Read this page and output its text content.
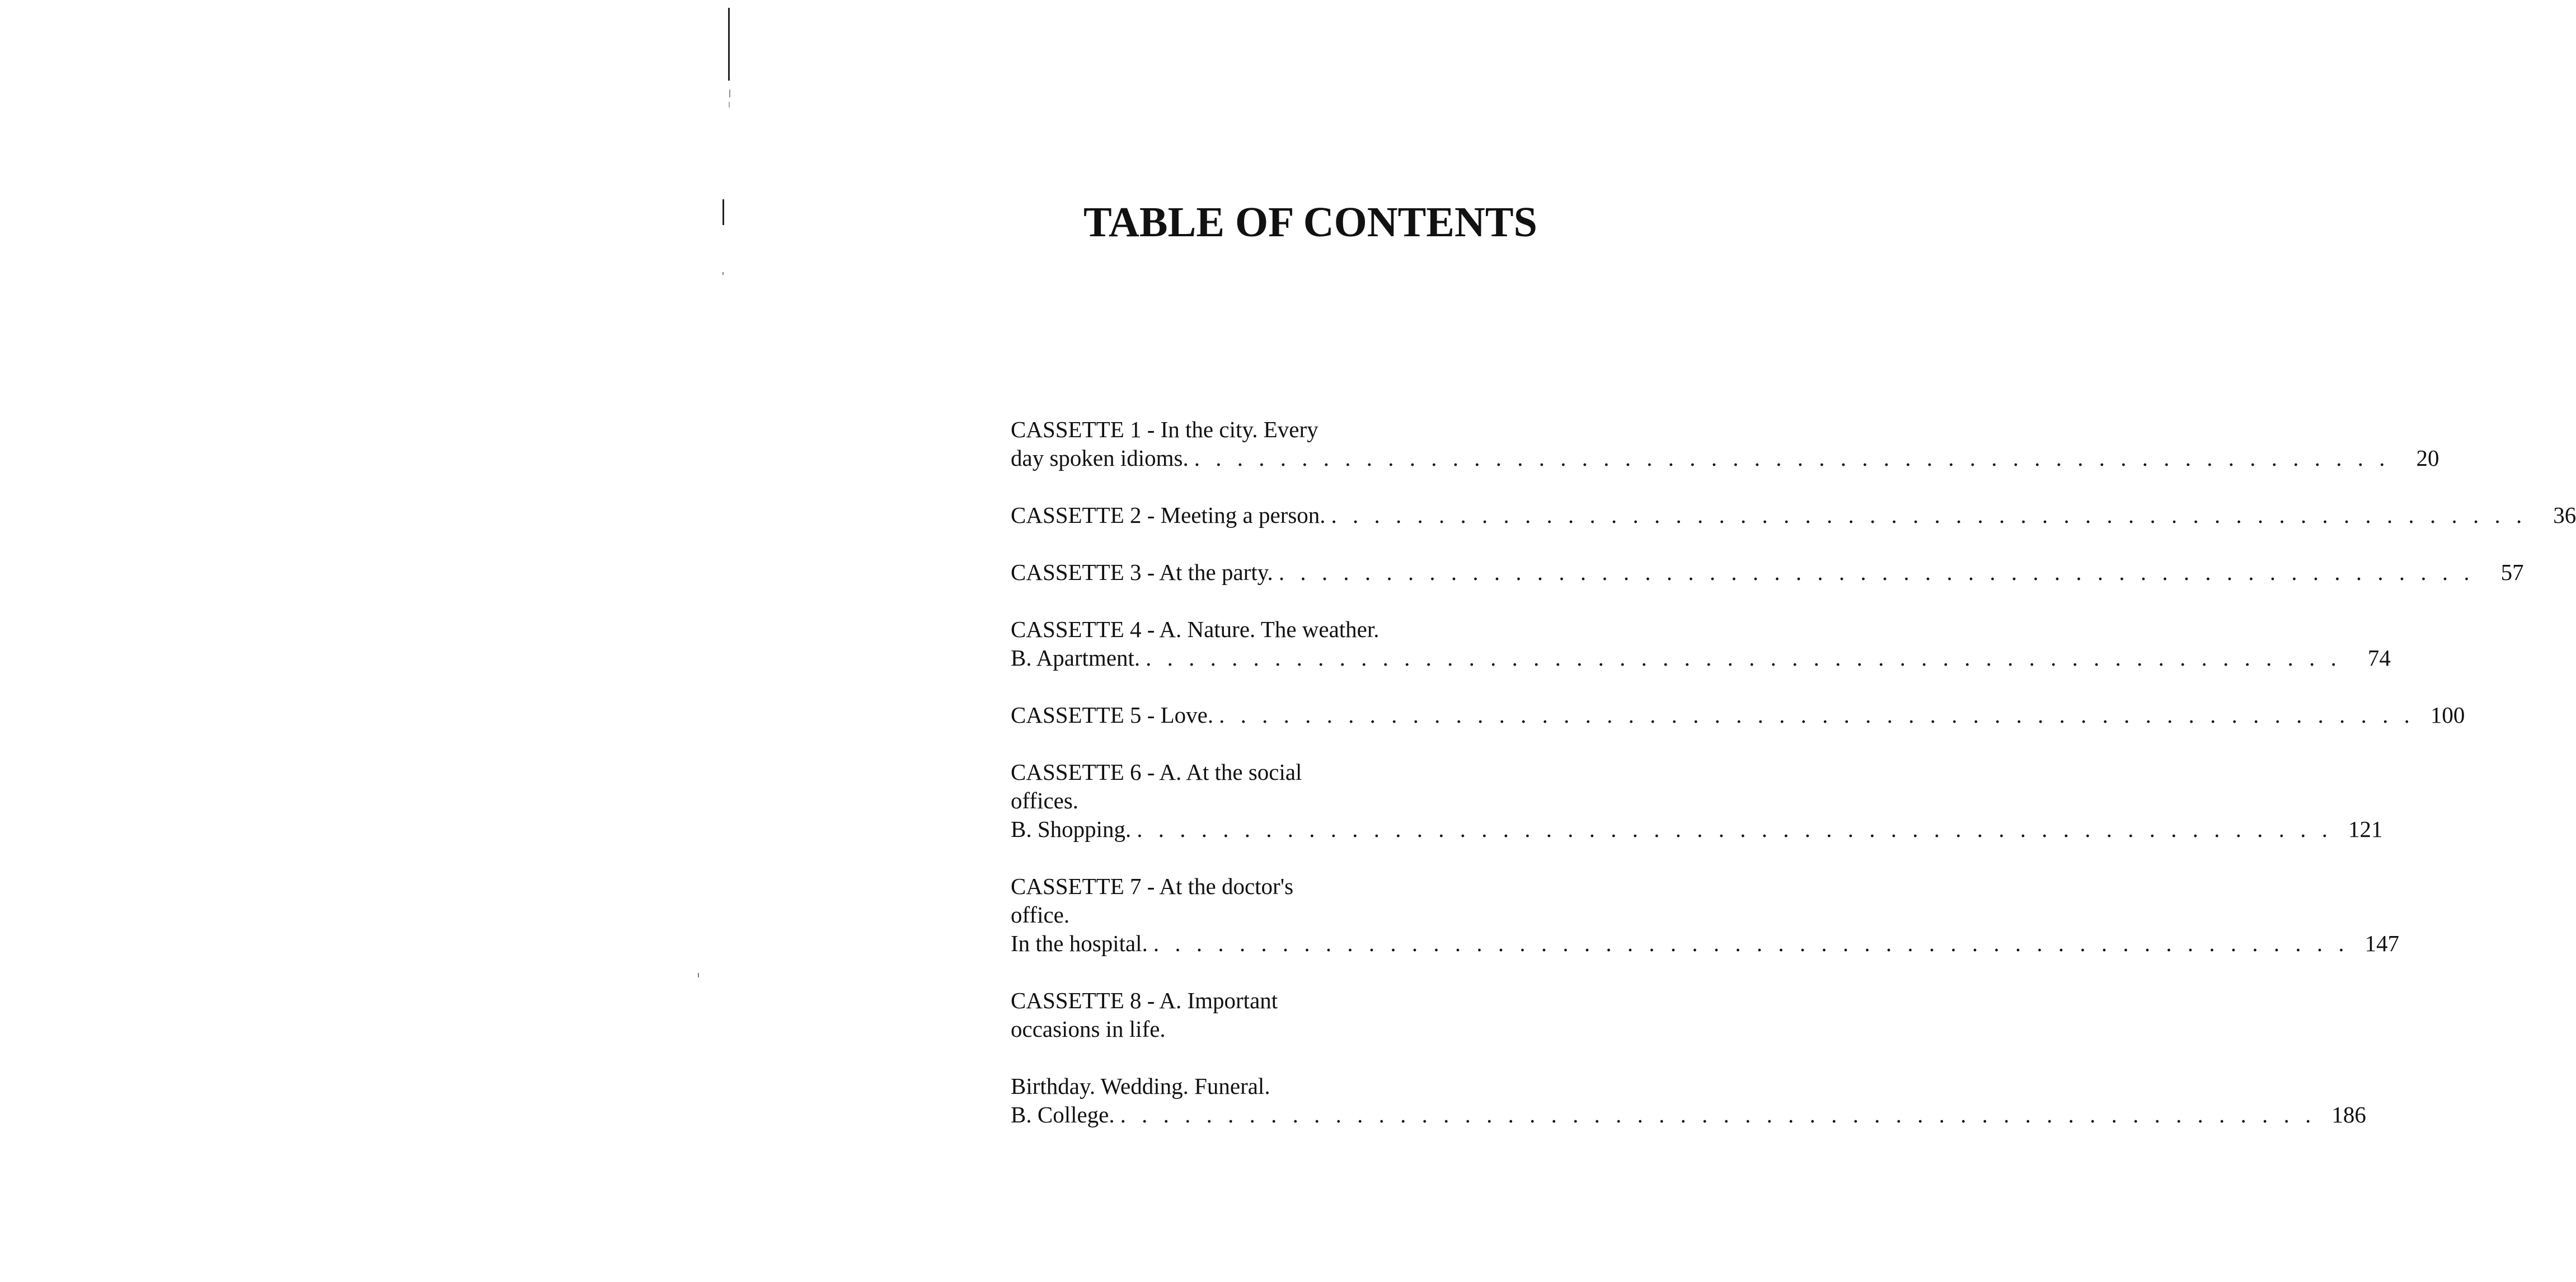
TABLE OF CONTENTS
CASSETTE 1 - In the city. Every
day spoken idioms. . . . . . . . . . . . . . . . . . . . . . . . . . . . . . . . . . . . . . . . . . . . . . . . . . . . . . . . .	20
CASSETTE 2 - Meeting a person. . . . . . . . . . . . . . . . . . . . . . . . . . . . . . . . . . . . . . . . . . . . . . . . . . . . . . . . .	36
CASSETTE 3 - At the party. . . . . . . . . . . . . . . . . . . . . . . . . . . . . . . . . . . . . . . . . . . . . . . . . . . . . . . . .	57
CASSETTE 4 - A. Nature. The weather.
B. Apartment. . . . . . . . . . . . . . . . . . . . . . . . . . . . . . . . . . . . . . . . . . . . . . . . . . . . . . . . .	74
CASSETTE 5 - Love. . . . . . . . . . . . . . . . . . . . . . . . . . . . . . . . . . . . . . . . . . . . . . . . . . . . . . . . . 100
CASSETTE 6 - A. At the social
offices.
B. Shopping. . . . . . . . . . . . . . . . . . . . . . . . . . . . . . . . . . . . . . . . . . . . . . . . . . . . . . . . . 121
CASSETTE 7 - At the doctor's
office.
In the hospital. . . . . . . . . . . . . . . . . . . . . . . . . . . . . . . . . . . . . . . . . . . . . . . . . . . . . . . . . 147
CASSETTE 8 - A. Important
occasions in life.
Birthday. Wedding. Funeral.
B. College. . . . . . . . . . . . . . . . . . . . . . . . . . . . . . . . . . . . . . . . . . . . . . . . . . . . . . . . . 186
